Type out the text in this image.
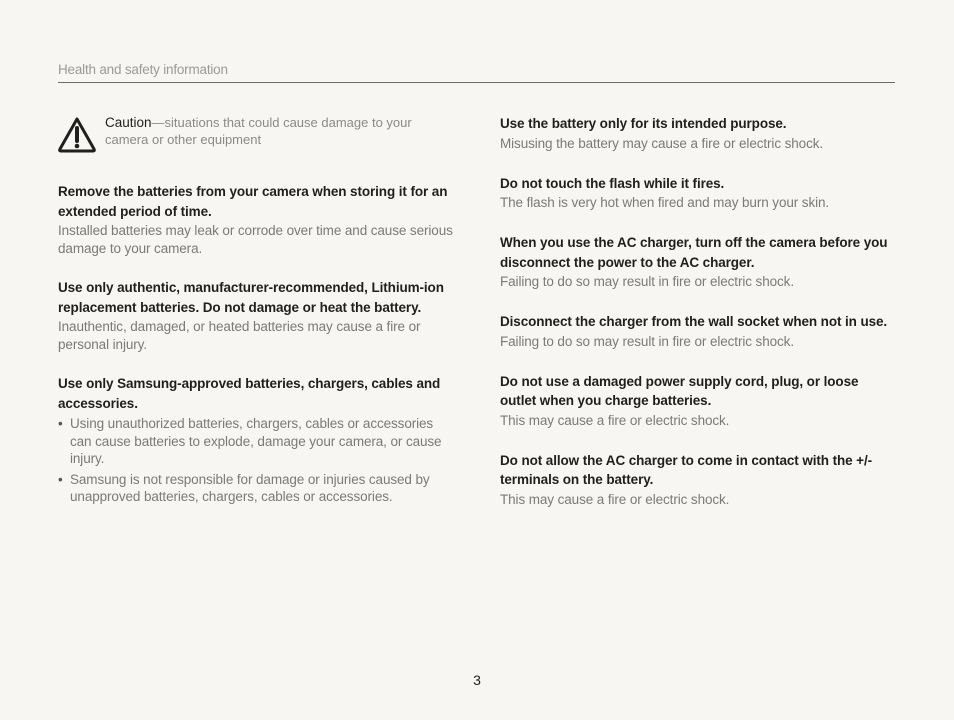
Health and safety information
Caution—situations that could cause damage to your camera or other equipment
Remove the batteries from your camera when storing it for an extended period of time.

Installed batteries may leak or corrode over time and cause serious damage to your camera.

Use only authentic, manufacturer-recommended, Lithium-ion replacement batteries. Do not damage or heat the battery.

Inauthentic, damaged, or heated batteries may cause a fire or personal injury.

Use only Samsung-approved batteries, chargers, cables and accessories.
• Using unauthorized batteries, chargers, cables or accessories can cause batteries to explode, damage your camera, or cause injury.
• Samsung is not responsible for damage or injuries caused by unapproved batteries, chargers, cables or accessories.
Use the battery only for its intended purpose.

Misusing the battery may cause a fire or electric shock.

Do not touch the flash while it fires.

The flash is very hot when fired and may burn your skin.

When you use the AC charger, turn off the camera before you disconnect the power to the AC charger.

Failing to do so may result in fire or electric shock.

Disconnect the charger from the wall socket when not in use.

Failing to do so may result in fire or electric shock.

Do not use a damaged power supply cord, plug, or loose outlet when you charge batteries.

This may cause a fire or electric shock.

Do not allow the AC charger to come in contact with the +/- terminals on the battery.

This may cause a fire or electric shock.

3
